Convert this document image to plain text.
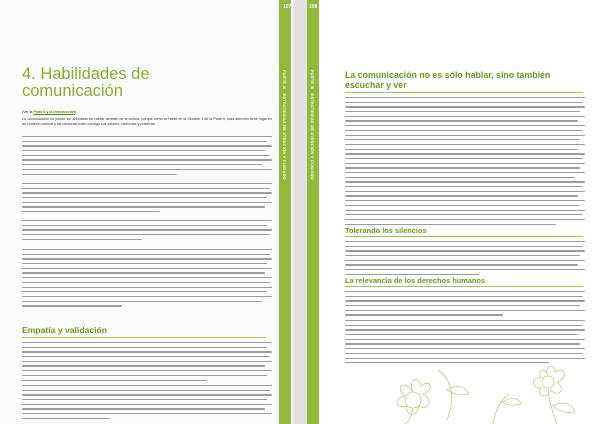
4. Habilidades de
comunicación
(Ver la Parte II y la Introducción)

La comunicación no puede ser abordada sin hablar también de la cultura, porque como se habló en la Sección 3 de la Parte II, toda atención tiene lugar en un contexto cultural y las personas traen consigo sus valores, creencias y prácticas.

Empatía y validación
PARTE III   ESTRATEGIAS DE ATENCIÓN Y CUIDADO
107
PARTE III   ESTRATEGIAS DE ATENCIÓN Y CUIDADO
108
La comunicación no es sólo hablar, sino también
escuchar y ver
Tolerando los silencios
La relevancia de los derechos humanos
